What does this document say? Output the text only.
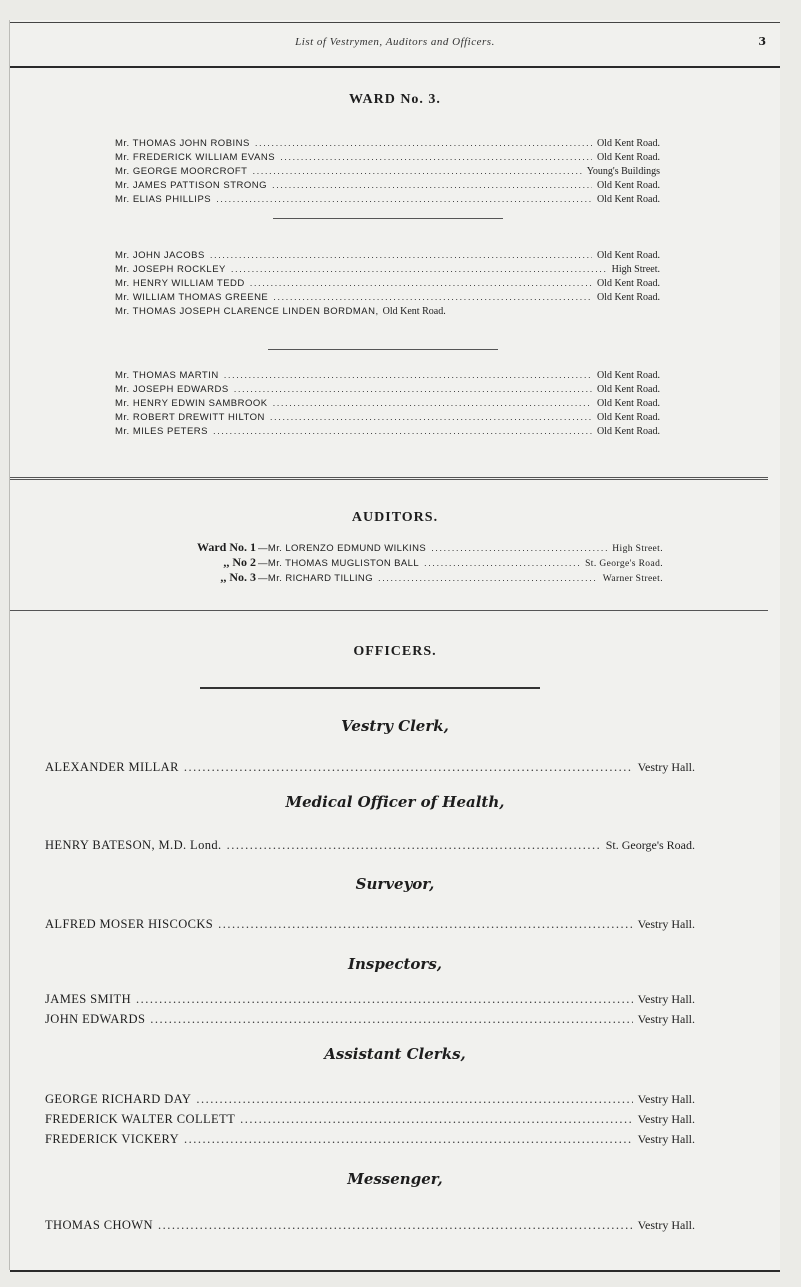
List of Vestrymen, Auditors and Officers.	3
WARD No. 3.
Mr. THOMAS JOHN ROBINS .....	Old Kent Road.
Mr. FREDERICK WILLIAM EVANS .....	Old Kent Road.
Mr. GEORGE MOORCROFT .....	Young's Buildings
Mr. JAMES PATTISON STRONG .....	Old Kent Road.
Mr. ELIAS PHILLIPS .....	Old Kent Road.
Mr. JOHN JACOBS .....	Old Kent Road.
Mr. JOSEPH ROCKLEY .....	High Street.
Mr. HENRY WILLIAM TEDD .....	Old Kent Road.
Mr. WILLIAM THOMAS GREENE .....	Old Kent Road.
Mr. THOMAS JOSEPH CLARENCE LINDEN BORDMAN, Old Kent Road.
Mr. THOMAS MARTIN .....	Old Kent Road.
Mr. JOSEPH EDWARDS .....	Old Kent Road.
Mr. HENRY EDWIN SAMBROOK .....	Old Kent Road.
Mr. ROBERT DREWITT HILTON .....	Old Kent Road.
Mr. MILES PETERS .....	Old Kent Road.
AUDITORS.
Ward No. 1 —Mr. LORENZO EDMUND WILKINS .....	High Street.
,, No 2 —Mr. THOMAS MUGLISTON BALL .....	St. George's Road.
,, No. 3 —Mr. RICHARD TILLING .....	Warner Street.
OFFICERS.
Vestry Clerk,
ALEXANDER MILLAR .....	Vestry Hall.
Medical Officer of Health,
HENRY BATESON, M.D. Lond. .....	St. George's Road.
Surveyor,
ALFRED MOSER HISCOCKS .....	Vestry Hall.
Inspectors,
JAMES SMITH .....	Vestry Hall.
JOHN EDWARDS .....	Vestry Hall.
Assistant Clerks,
GEORGE RICHARD DAY .....	Vestry Hall.
FREDERICK WALTER COLLETT .....	Vestry Hall.
FREDERICK VICKERY .....	Vestry Hall.
Messenger,
THOMAS CHOWN .....	Vestry Hall.
